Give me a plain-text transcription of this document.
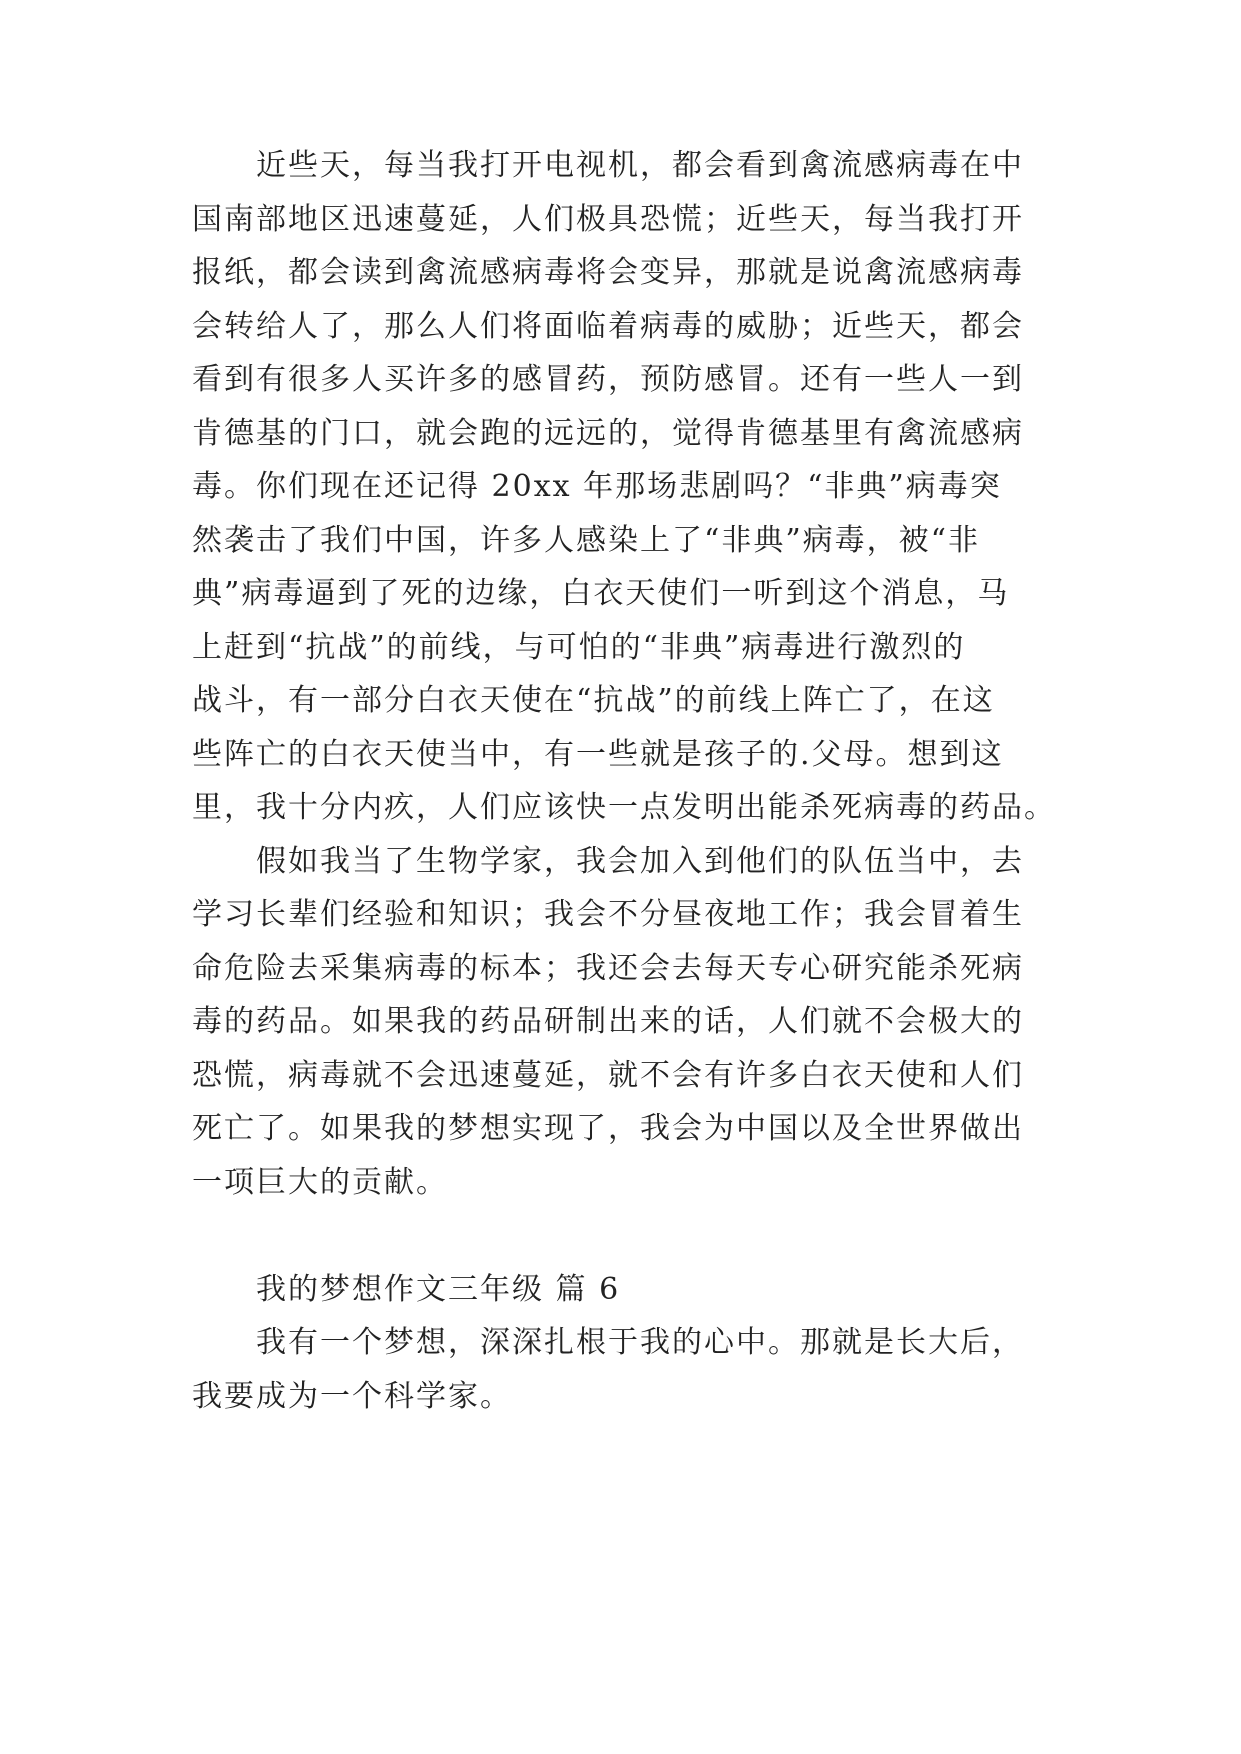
近些天，每当我打开电视机，都会看到禽流感病毒在中
国南部地区迅速蔓延，人们极具恐慌；近些天，每当我打开
报纸，都会读到禽流感病毒将会变异，那就是说禽流感病毒
会转给人了，那么人们将面临着病毒的威胁；近些天，都会
看到有很多人买许多的感冒药，预防感冒。还有一些人一到
肯德基的门口，就会跑的远远的，觉得肯德基里有禽流感病
毒。你们现在还记得 20xx 年那场悲剧吗？“非典”病毒突
然袭击了我们中国，许多人感染上了“非典”病毒，被“非
典”病毒逼到了死的边缘，白衣天使们一听到这个消息，马
上赶到“抗战”的前线，与可怕的“非典”病毒进行激烈的
战斗，有一部分白衣天使在“抗战”的前线上阵亡了，在这
些阵亡的白衣天使当中，有一些就是孩子的.父母。想到这
里，我十分内疚，人们应该快一点发明出能杀死病毒的药品。
假如我当了生物学家，我会加入到他们的队伍当中，去
学习长辈们经验和知识；我会不分昼夜地工作；我会冒着生
命危险去采集病毒的标本；我还会去每天专心研究能杀死病
毒的药品。如果我的药品研制出来的话，人们就不会极大的
恐慌，病毒就不会迅速蔓延，就不会有许多白衣天使和人们
死亡了。如果我的梦想实现了，我会为中国以及全世界做出
一项巨大的贡献。
我的梦想作文三年级 篇 6
我有一个梦想，深深扎根于我的心中。那就是长大后，
我要成为一个科学家。
